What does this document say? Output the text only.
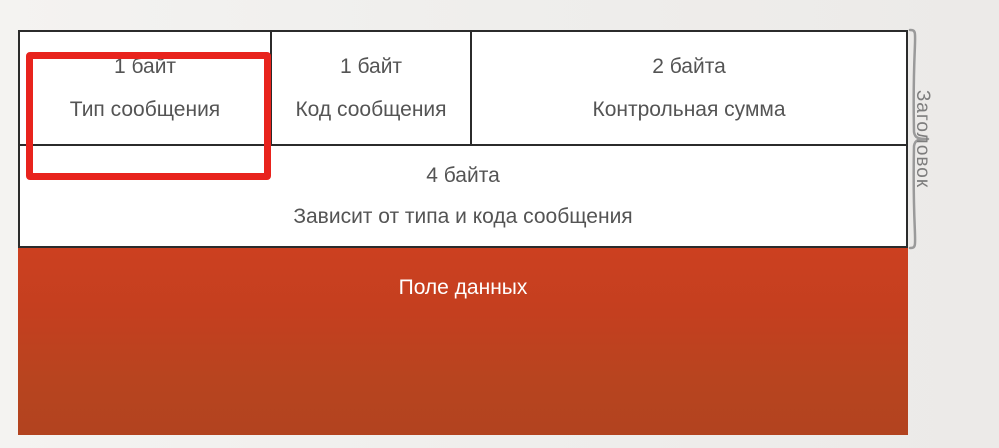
1 байт
Тип сообщения
1 байт
Код сообщения
2 байта
Контрольная сумма
4 байта
Зависит от типа и кода сообщения
Поле данных
Заголовок
